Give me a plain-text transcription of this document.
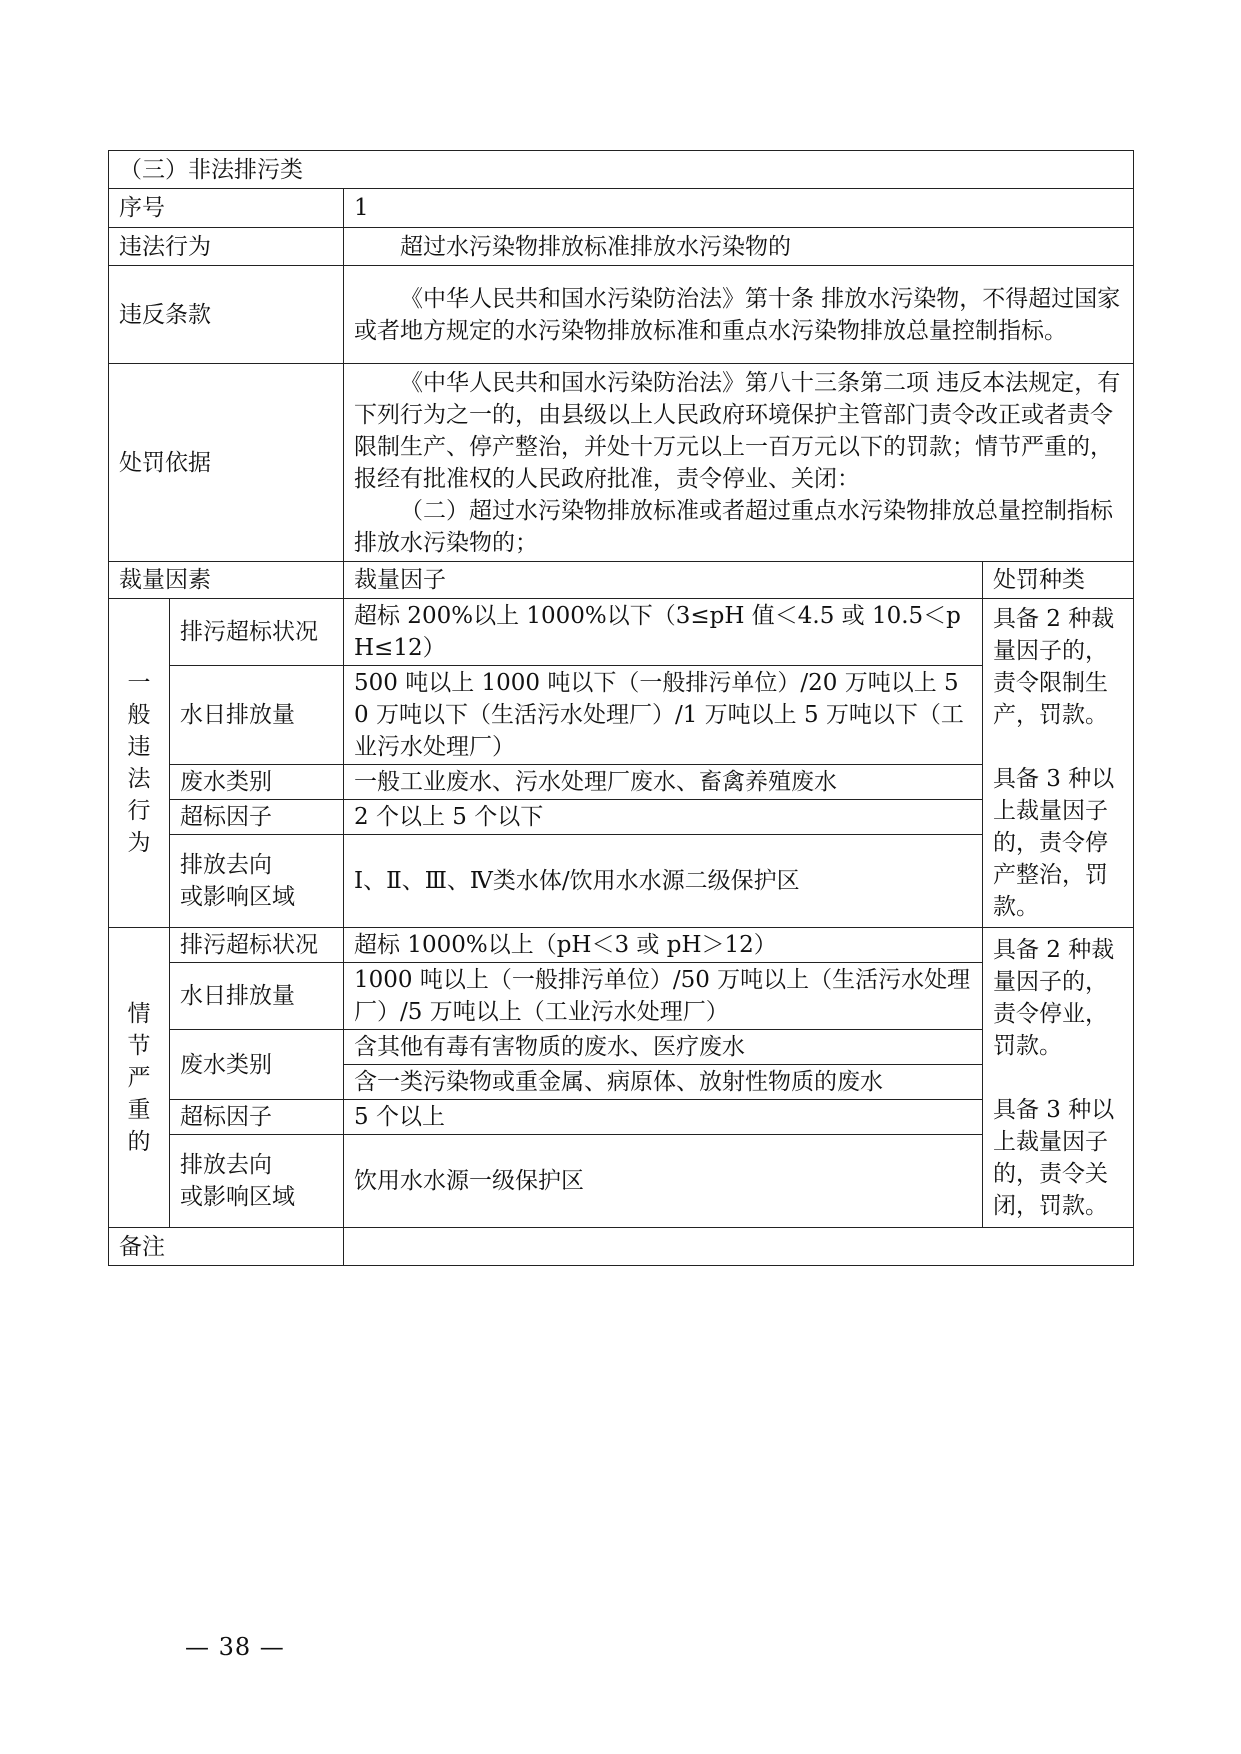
（三）非法排污类			
序号		1	
违法行为		超过水污染物排放标准排放水污染物的	
违反条款		《中华人民共和国水污染防治法》第十条 排放水污染物，不得超过国家或者地方规定的水污染物排放标准和重点水污染物排放总量控制指标。	
处罚依据		《中华人民共和国水污染防治法》第八十三条第二项 违反本法规定，有下列行为之一的，由县级以上人民政府环境保护主管部门责令改正或者责令限制生产、停产整治，并处十万元以上一百万元以下的罚款；情节严重的，报经有批准权的人民政府批准，责令停业、关闭：
（二）超过水污染物排放标准或者超过重点水污染物排放总量控制指标排放水污染物的；	

裁量因素		裁量因子	处罚种类
一般违法行为	排污超标状况	超标 200%以上 1000%以下（3≤pH 值＜4.5 或 10.5＜pH≤12）	具备 2 种裁量因子的，责令限制生产，罚款。
具备 3 种以上裁量因子的，责令停产整治，罚款。

	水日排放量	500 吨以上 1000 吨以下（一般排污单位）/20 万吨以上 50 万吨以下（生活污水处理厂）/1 万吨以上 5 万吨以下（工业污水处理厂）	
	废水类别	一般工业废水、污水处理厂废水、畜禽养殖废水	
	超标因子	2 个以上 5 个以下	

	排放去向
或影响区域	Ⅰ、Ⅱ、Ⅲ、Ⅳ类水体/饮用水水源二级保护区	
情节严重的	排污超标状况	超标 1000%以上（pH＜3 或 pH＞12）	具备 2 种裁量因子的，责令停业，罚款。
具备 3 种以上裁量因子的，责令关闭，罚款。

	水日排放量	1000 吨以上（一般排污单位）/50 万吨以上（生活污水处理厂）/5 万吨以上（工业污水处理厂）	
	废水类别	含其他有毒有害物质的废水、医疗废水	
		含一类污染物或重金属、病原体、放射性物质的废水	
	超标因子	5 个以上	

	排放去向
或影响区域	饮用水水源一级保护区	
备注			
— 38 —
